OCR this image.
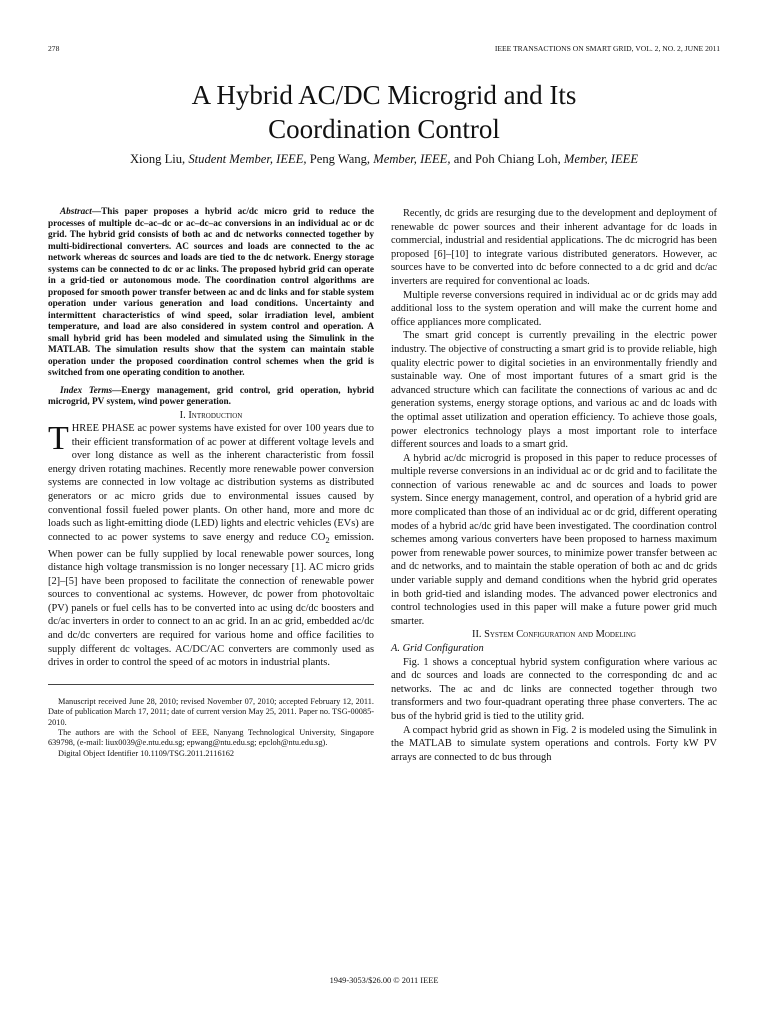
278	IEEE TRANSACTIONS ON SMART GRID, VOL. 2, NO. 2, JUNE 2011
A Hybrid AC/DC Microgrid and Its
Coordination Control
Xiong Liu, Student Member, IEEE, Peng Wang, Member, IEEE, and Poh Chiang Loh, Member, IEEE

Abstract—This paper proposes a hybrid ac/dc micro grid to reduce the processes of multiple dc–ac–dc or ac–dc–ac conversions in an individual ac or dc grid. The hybrid grid consists of both ac and dc networks connected together by multi-bidirectional converters. AC sources and loads are connected to the ac network whereas dc sources and loads are tied to the dc network. Energy storage systems can be connected to dc or ac links. The proposed hybrid grid can operate in a grid-tied or autonomous mode. The coordination control algorithms are proposed for smooth power transfer between ac and dc links and for stable system operation under various generation and load conditions. Uncertainty and intermittent characteristics of wind speed, solar irradiation level, ambient temperature, and load are also considered in system control and operation. A small hybrid grid has been modeled and simulated using the Simulink in the MATLAB. The simulation results show that the system can maintain stable operation under the proposed coordination control schemes when the grid is switched from one operating condition to another.

Index Terms—Energy management, grid control, grid operation, hybrid microgrid, PV system, wind power generation.

I. Introduction

THREE PHASE ac power systems have existed for over 100 years due to their efficient transformation of ac power at different voltage levels and over long distance as well as the inherent characteristic from fossil energy driven rotating machines. Recently more renewable power conversion systems are connected in low voltage ac distribution systems as distributed generators or ac micro grids due to environmental issues caused by conventional fossil fueled power plants. On other hand, more and more dc loads such as light-emitting diode (LED) lights and electric vehicles (EVs) are connected to ac power systems to save energy and reduce $CO_2$ emission. When power can be fully supplied by local renewable power sources, long distance high voltage transmission is no longer necessary [1]. AC micro grids [2]–[5] have been proposed to facilitate the connection of renewable power sources to conventional ac systems. However, dc power from photovoltaic (PV) panels or fuel cells has to be converted into ac using dc/dc boosters and dc/ac inverters in order to connect to an ac grid. In an ac grid, embedded ac/dc and dc/dc converters are required for various home and office facilities to supply different dc voltages. AC/DC/AC converters are commonly used as drives in order to control the speed of ac motors in industrial plants.

Manuscript received June 28, 2010; revised November 07, 2010; accepted February 12, 2011. Date of publication March 17, 2011; date of current version May 25, 2011. Paper no. TSG-00085-2010.

The authors are with the School of EEE, Nanyang Technological University, Singapore 639798, (e-mail: liux0039@e.ntu.edu.sg; epwang@ntu.edu.sg; epcloh@ntu.edu.sg).

Digital Object Identifier 10.1109/TSG.2011.2116162

Recently, dc grids are resurging due to the development and deployment of renewable dc power sources and their inherent advantage for dc loads in commercial, industrial and residential applications. The dc microgrid has been proposed [6]–[10] to integrate various distributed generators. However, ac sources have to be converted into dc before connected to a dc grid and dc/ac inverters are required for conventional ac loads.

Multiple reverse conversions required in individual ac or dc grids may add additional loss to the system operation and will make the current home and office appliances more complicated.

The smart grid concept is currently prevailing in the electric power industry. The objective of constructing a smart grid is to provide reliable, high quality electric power to digital societies in an environmentally friendly and sustainable way. One of most important futures of a smart grid is the advanced structure which can facilitate the connections of various ac and dc generation systems, energy storage options, and various ac and dc loads with the optimal asset utilization and operation efficiency. To achieve those goals, power electronics technology plays a most important role to interface different sources and loads to a smart grid.

A hybrid ac/dc microgrid is proposed in this paper to reduce processes of multiple reverse conversions in an individual ac or dc grid and to facilitate the connection of various renewable ac and dc sources and loads to power system. Since energy management, control, and operation of a hybrid grid are more complicated than those of an individual ac or dc grid, different operating modes of a hybrid ac/dc grid have been investigated. The coordination control schemes among various converters have been proposed to harness maximum power from renewable power sources, to minimize power transfer between ac and dc networks, and to maintain the stable operation of both ac and dc grids under variable supply and demand conditions when the hybrid grid operates in both grid-tied and islanding modes. The advanced power electronics and control technologies used in this paper will make a future power grid much smarter.

II. System Configuration and Modeling

A. Grid Configuration

Fig. 1 shows a conceptual hybrid system configuration where various ac and dc sources and loads are connected to the corresponding dc and ac networks. The ac and dc links are connected together through two transformers and two four-quadrant operating three phase converters. The ac bus of the hybrid grid is tied to the utility grid.

A compact hybrid grid as shown in Fig. 2 is modeled using the Simulink in the MATLAB to simulate system operations and controls. Forty kW PV arrays are connected to dc bus through

1949-3053/$26.00 © 2011 IEEE
